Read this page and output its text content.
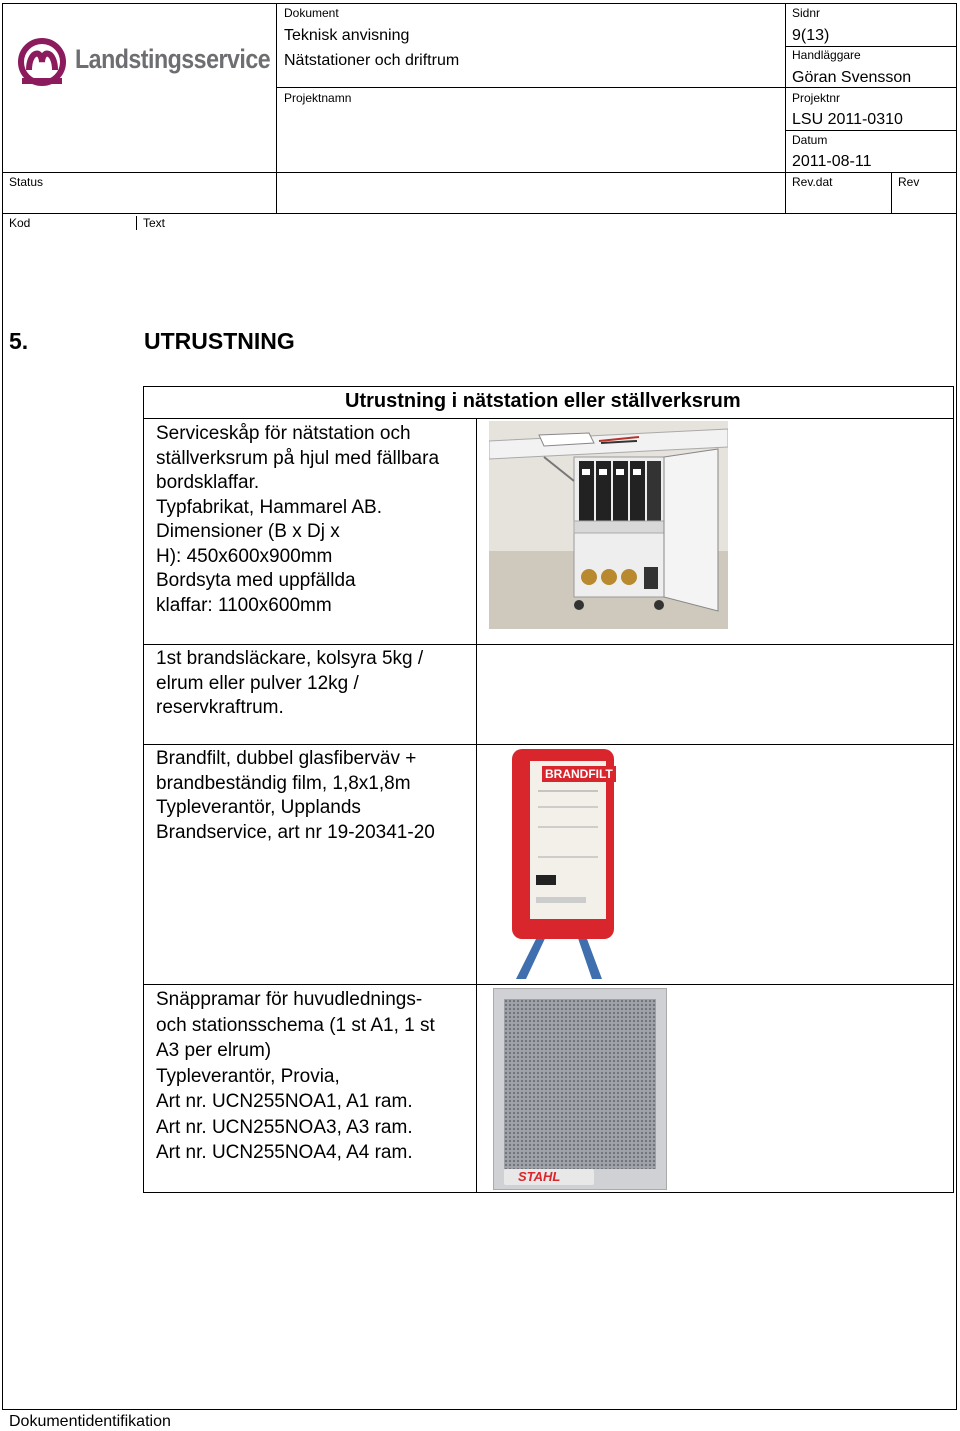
Landstingsservice
Dokument
Teknisk anvisning
Nätstationer och driftrum
Sidnr
9(13)
Handläggare
Göran Svensson
Projektnamn	Projektnr
LSU 2011-0310
Datum
2011-08-11
Status	Rev.dat	Rev
Kod	Text
5.	UTRUSTNING
Utrustning i nätstation eller ställverksrum
Serviceskåp för nätstation och
ställverksrum på hjul med fällbara
bordsklaffar.
Typfabrikat, Hammarel AB.
Dimensioner (B x Dj x
H): 450x600x900mm
Bordsyta med uppfällda
klaffar: 1100x600mm
1st brandsläckare, kolsyra 5kg /
elrum eller pulver 12kg /
reservkraftrum.
Brandfilt, dubbel glasfiberväv +
brandbeständig film, 1,8x1,8m
Typleverantör, Upplands
Brandservice, art nr 19-20341-20
BRANDFILT
Snäppramar för huvudlednings-
och stationsschema (1 st A1, 1 st
A3 per elrum)
Typleverantör, Provia,
Art nr. UCN255NOA1, A1 ram.
Art nr. UCN255NOA3, A3 ram.
Art nr. UCN255NOA4, A4 ram.
STAHL
Dokumentidentifikation
